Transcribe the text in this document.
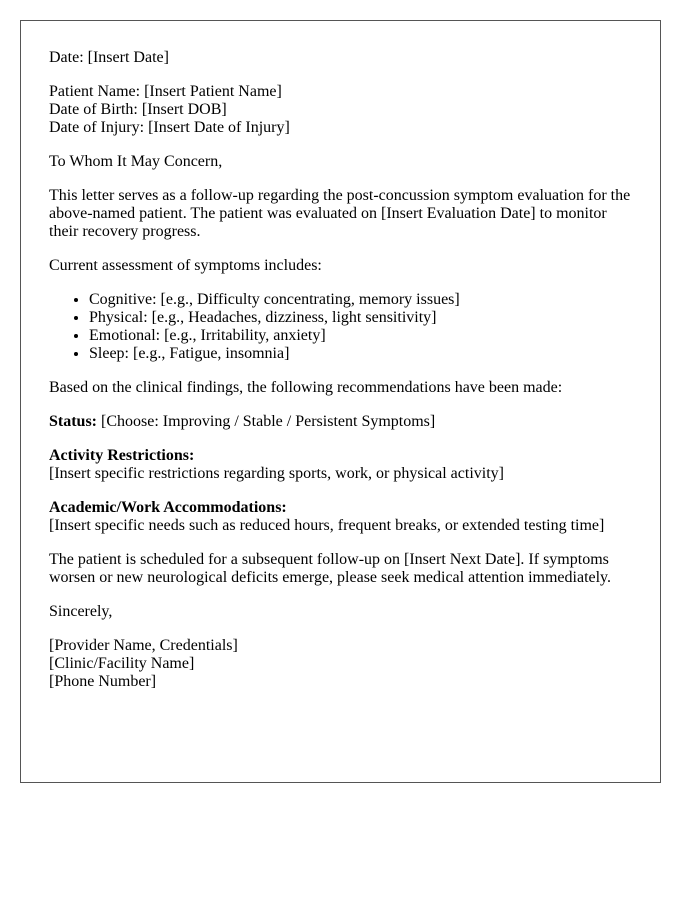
Date: [Insert Date]

Patient Name: [Insert Patient Name]
Date of Birth: [Insert DOB]
Date of Injury: [Insert Date of Injury]

To Whom It May Concern,

This letter serves as a follow-up regarding the post-concussion symptom evaluation for the above-named patient. The patient was evaluated on [Insert Evaluation Date] to monitor their recovery progress.

Current assessment of symptoms includes:

• Cognitive: [e.g., Difficulty concentrating, memory issues]
• Physical: [e.g., Headaches, dizziness, light sensitivity]
• Emotional: [e.g., Irritability, anxiety]
• Sleep: [e.g., Fatigue, insomnia]

Based on the clinical findings, the following recommendations have been made:

Status: [Choose: Improving / Stable / Persistent Symptoms]

Activity Restrictions:
[Insert specific restrictions regarding sports, work, or physical activity]

Academic/Work Accommodations:
[Insert specific needs such as reduced hours, frequent breaks, or extended testing time]

The patient is scheduled for a subsequent follow-up on [Insert Next Date]. If symptoms worsen or new neurological deficits emerge, please seek medical attention immediately.

Sincerely,

[Provider Name, Credentials]
[Clinic/Facility Name]
[Phone Number]
